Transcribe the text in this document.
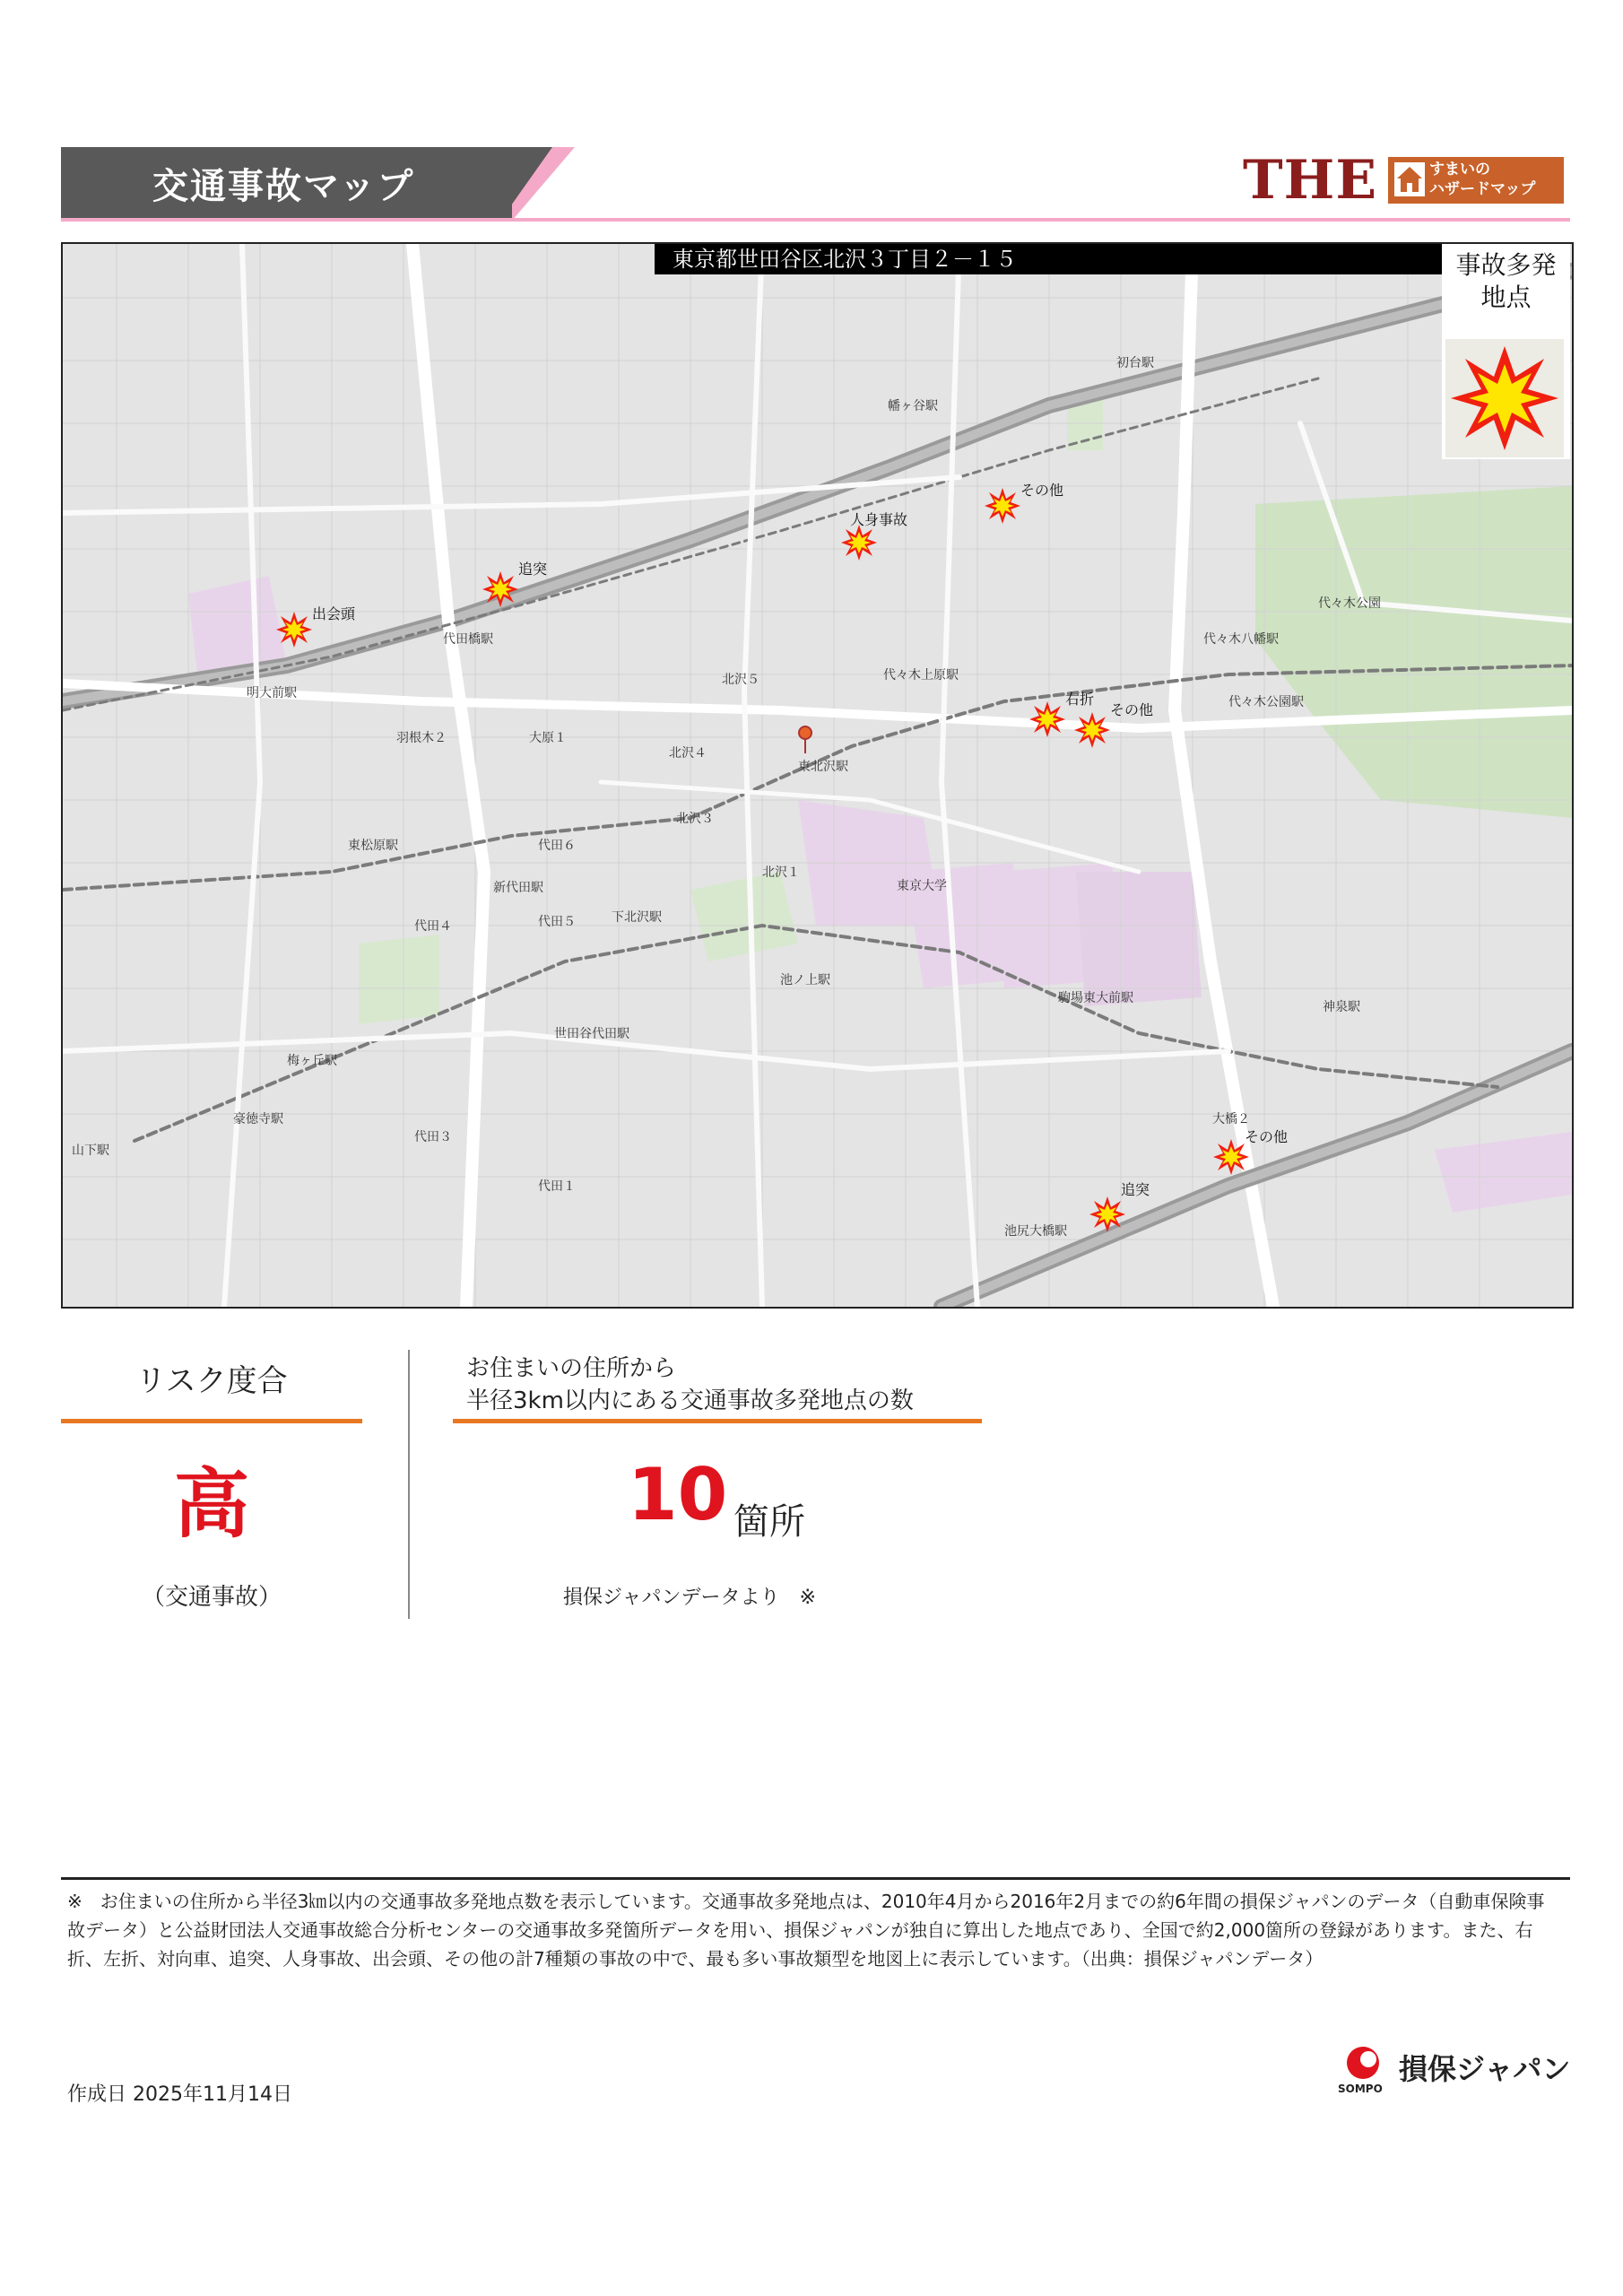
交通事故マップ	THE	すまいの
ハザードマップ
代田橋駅
明大前駅
下北沢駅
池ノ上駅
東北沢駅
代々木上原駅
駒場東大前駅
幡ヶ谷駅
初台駅
代々木公園駅
代々木八幡駅
池尻大橋駅
梅ヶ丘駅
世田谷代田駅
新代田駅
東松原駅
豪徳寺駅
山下駅
神泉駅
北沢５
北沢４
北沢３
北沢１
大原１
羽根木２
代田６
代田４	代田５
代田３
代田１
大橋２
東京大学
代々木公園
人身事故
その他
追突
出会頭
右折
その他
その他
追突
東京都世田谷区北沢３丁目２－１５	事故多発
地点
リスク度合
高
（交通事故）
お住まいの住所から
半径3km以内にある交通事故多発地点の数
10 箇所
損保ジャパンデータより　※
※　お住まいの住所から半径3㎞以内の交通事故多発地点数を表示しています。交通事故多発地点は、2010年4月から2016年2月までの約6年間の損保ジャパンのデータ（自動車保険事故データ）と公益財団法人交通事故総合分析センターの交通事故多発箇所データを用い、損保ジャパンが独自に算出した地点であり、全国で約2,000箇所の登録があります。また、右折、左折、対向車、追突、人身事故、出会頭、その他の計7種類の事故の中で、最も多い事故類型を地図上に表示しています。（出典：損保ジャパンデータ）
作成日 2025年11月14日
損保ジャパン
SOMPO
